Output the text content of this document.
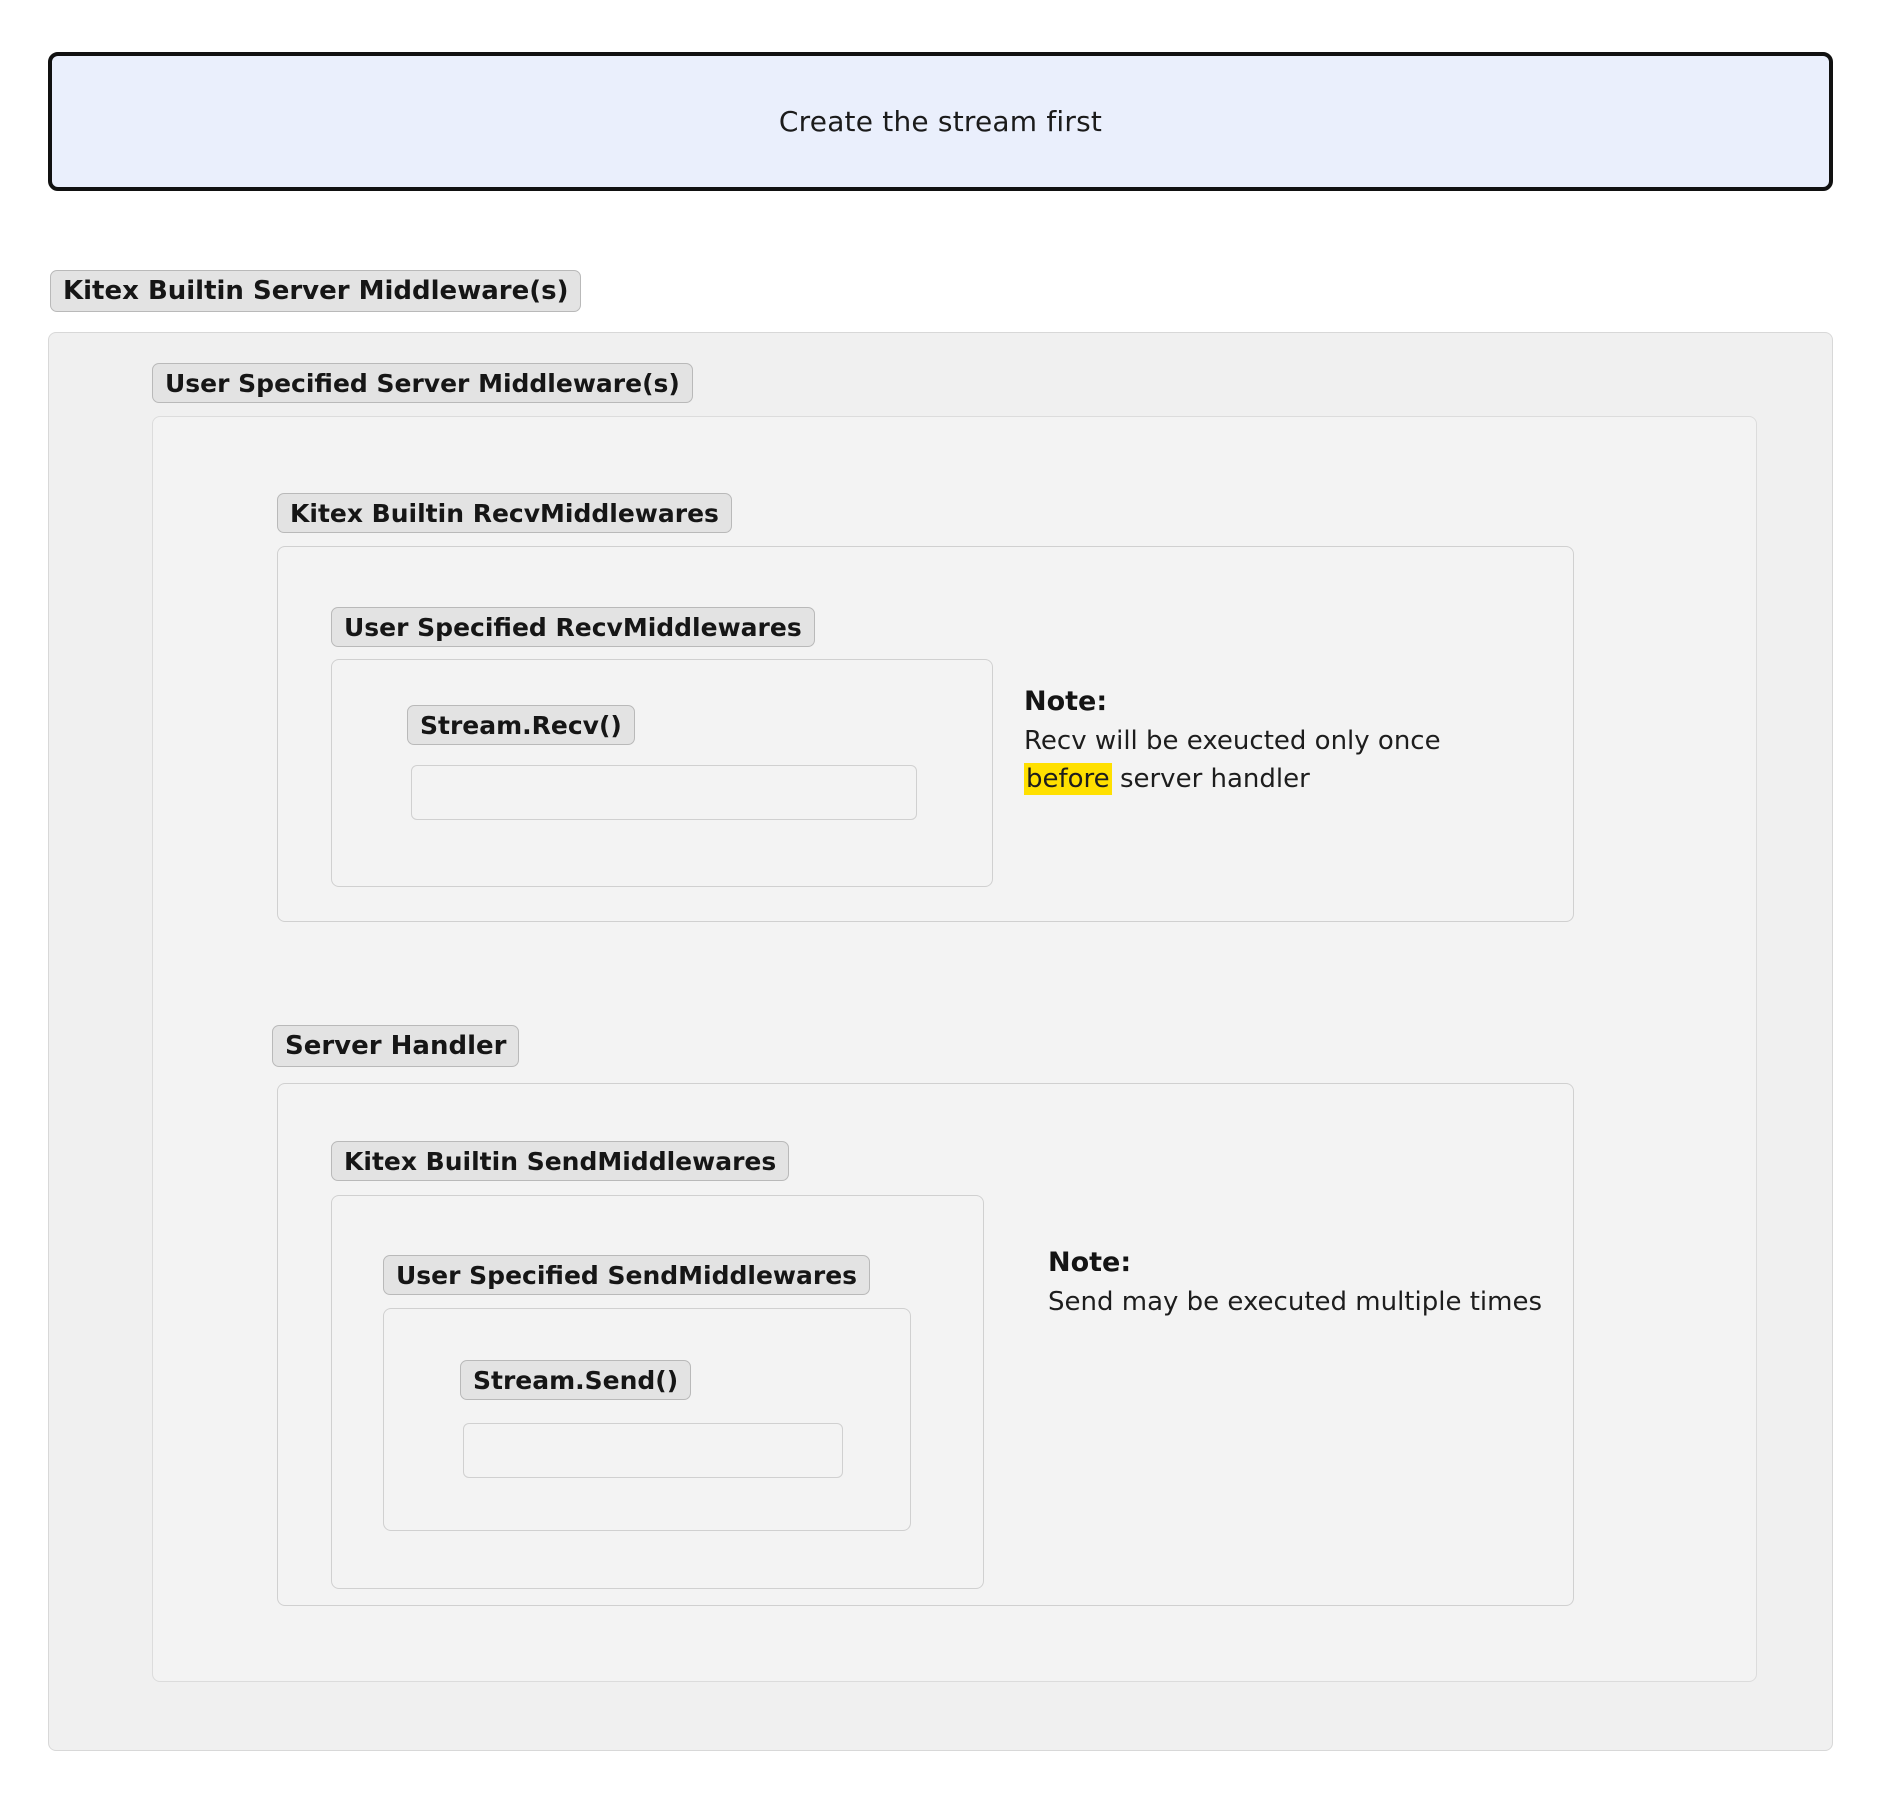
Create the stream first
Kitex Builtin Server Middleware(s)
User Specified Server Middleware(s)
Kitex Builtin RecvMiddlewares
User Specified RecvMiddlewares
Stream.Recv()
Note:
Recv will be exeucted only once
before server handler
Server Handler
Kitex Builtin SendMiddlewares
User Specified SendMiddlewares
Stream.Send()
Note:
Send may be executed multiple times
